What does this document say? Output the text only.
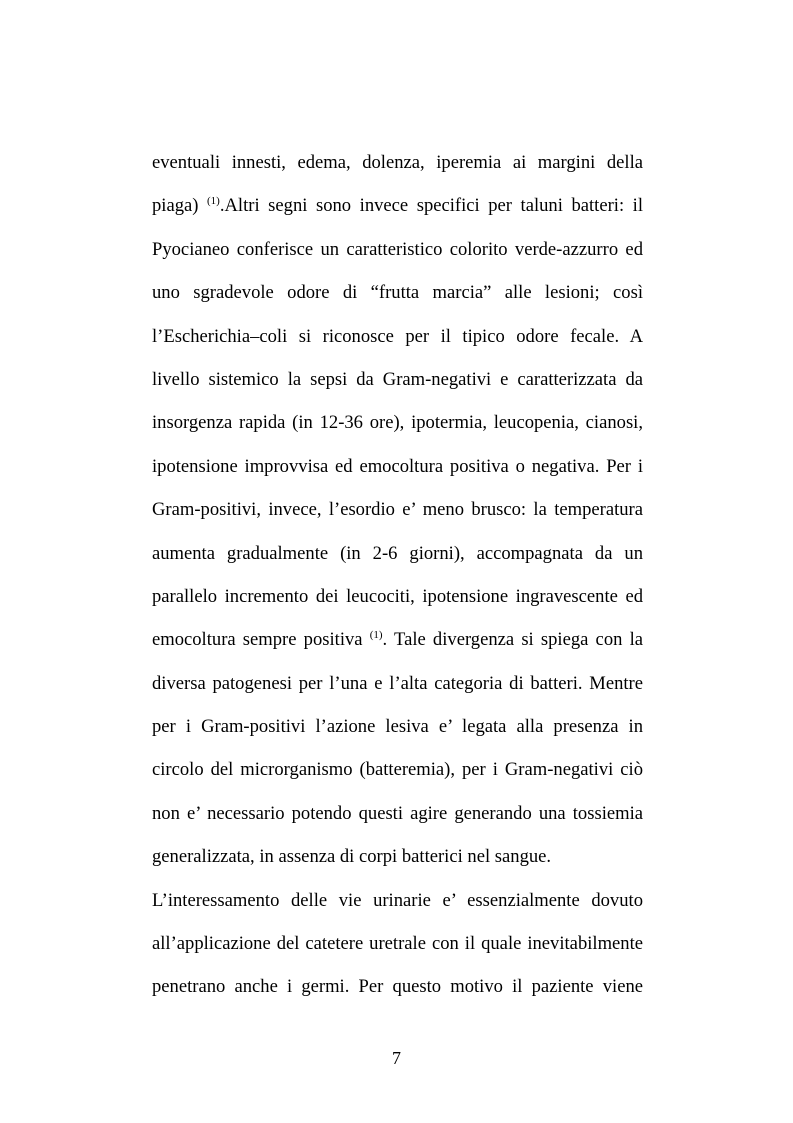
eventuali innesti, edema, dolenza, iperemia ai margini della
piaga) $^{(1)}$.Altri segni sono invece specifici per taluni batteri: il
Pyocianeo conferisce un caratteristico colorito verde-azzurro ed
uno sgradevole odore di “frutta marcia” alle lesioni; così
l’Escherichia–coli si riconosce per il tipico odore fecale. A
livello sistemico la sepsi da Gram-negativi e caratterizzata da
insorgenza rapida (in 12-36 ore), ipotermia, leucopenia, cianosi,
ipotensione improvvisa ed emocoltura positiva o negativa. Per i
Gram-positivi, invece, l’esordio e’ meno brusco: la temperatura
aumenta gradualmente (in 2-6 giorni), accompagnata da un
parallelo incremento dei leucociti, ipotensione ingravescente ed
emocoltura sempre positiva $^{(1)}$. Tale divergenza si spiega con la
diversa patogenesi per l’una e l’alta categoria di batteri. Mentre
per i Gram-positivi l’azione lesiva e’ legata alla presenza in
circolo del microrganismo (batteremia), per i Gram-negativi ciò
non e’ necessario potendo questi agire generando una tossiemia
generalizzata, in assenza di corpi batterici nel sangue.
L’interessamento delle vie urinarie e’ essenzialmente dovuto
all’applicazione del catetere uretrale con il quale inevitabilmente
penetrano anche i germi. Per questo motivo il paziente viene
7
